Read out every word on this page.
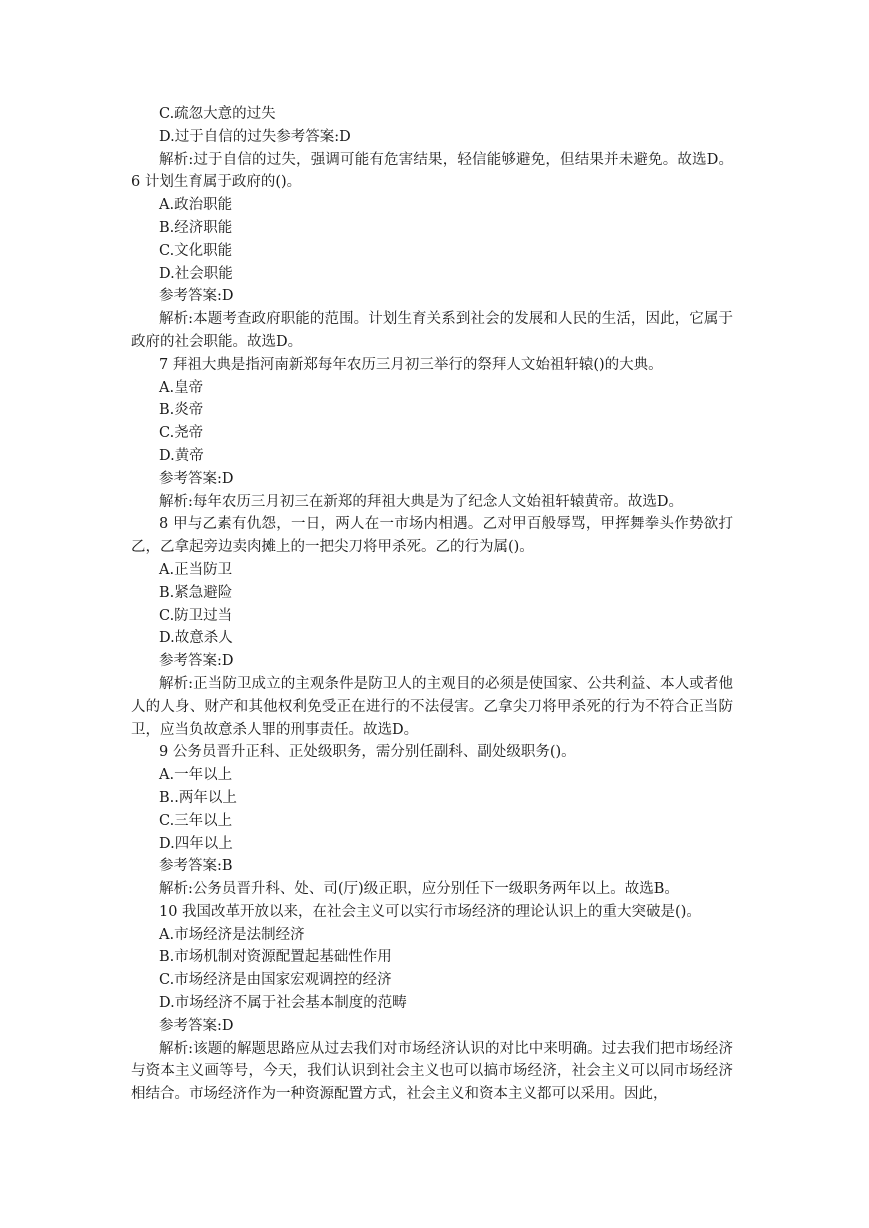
C.疏忽大意的过失

D.过于自信的过失参考答案:D

解析:过于自信的过失，强调可能有危害结果，轻信能够避免，但结果并未避免。故选D。6 计划生育属于政府的()。

A.政治职能

B.经济职能

C.文化职能

D.社会职能

参考答案:D

解析:本题考查政府职能的范围。计划生育关系到社会的发展和人民的生活，因此，它属于政府的社会职能。故选D。

7 拜祖大典是指河南新郑每年农历三月初三举行的祭拜人文始祖轩辕()的大典。

A.皇帝

B.炎帝

C.尧帝

D.黄帝

参考答案:D

解析:每年农历三月初三在新郑的拜祖大典是为了纪念人文始祖轩辕黄帝。故选D。

8 甲与乙素有仇怨，一日，两人在一市场内相遇。乙对甲百般辱骂，甲挥舞拳头作势欲打乙，乙拿起旁边卖肉摊上的一把尖刀将甲杀死。乙的行为属()。

A.正当防卫

B.紧急避险

C.防卫过当

D.故意杀人

参考答案:D

解析:正当防卫成立的主观条件是防卫人的主观目的必须是使国家、公共利益、本人或者他人的人身、财产和其他权利免受正在进行的不法侵害。乙拿尖刀将甲杀死的行为不符合正当防卫，应当负故意杀人罪的刑事责任。故选D。

9 公务员晋升正科、正处级职务，需分别任副科、副处级职务()。

A.一年以上

B..两年以上

C.三年以上

D.四年以上

参考答案:B

解析:公务员晋升科、处、司(厅)级正职，应分别任下一级职务两年以上。故选B。

10 我国改革开放以来，在社会主义可以实行市场经济的理论认识上的重大突破是()。

A.市场经济是法制经济

B.市场机制对资源配置起基础性作用

C.市场经济是由国家宏观调控的经济

D.市场经济不属于社会基本制度的范畴

参考答案:D

解析:该题的解题思路应从过去我们对市场经济认识的对比中来明确。过去我们把市场经济与资本主义画等号，今天，我们认识到社会主义也可以搞市场经济，社会主义可以同市场经济相结合。市场经济作为一种资源配置方式，社会主义和资本主义都可以采用。因此，
